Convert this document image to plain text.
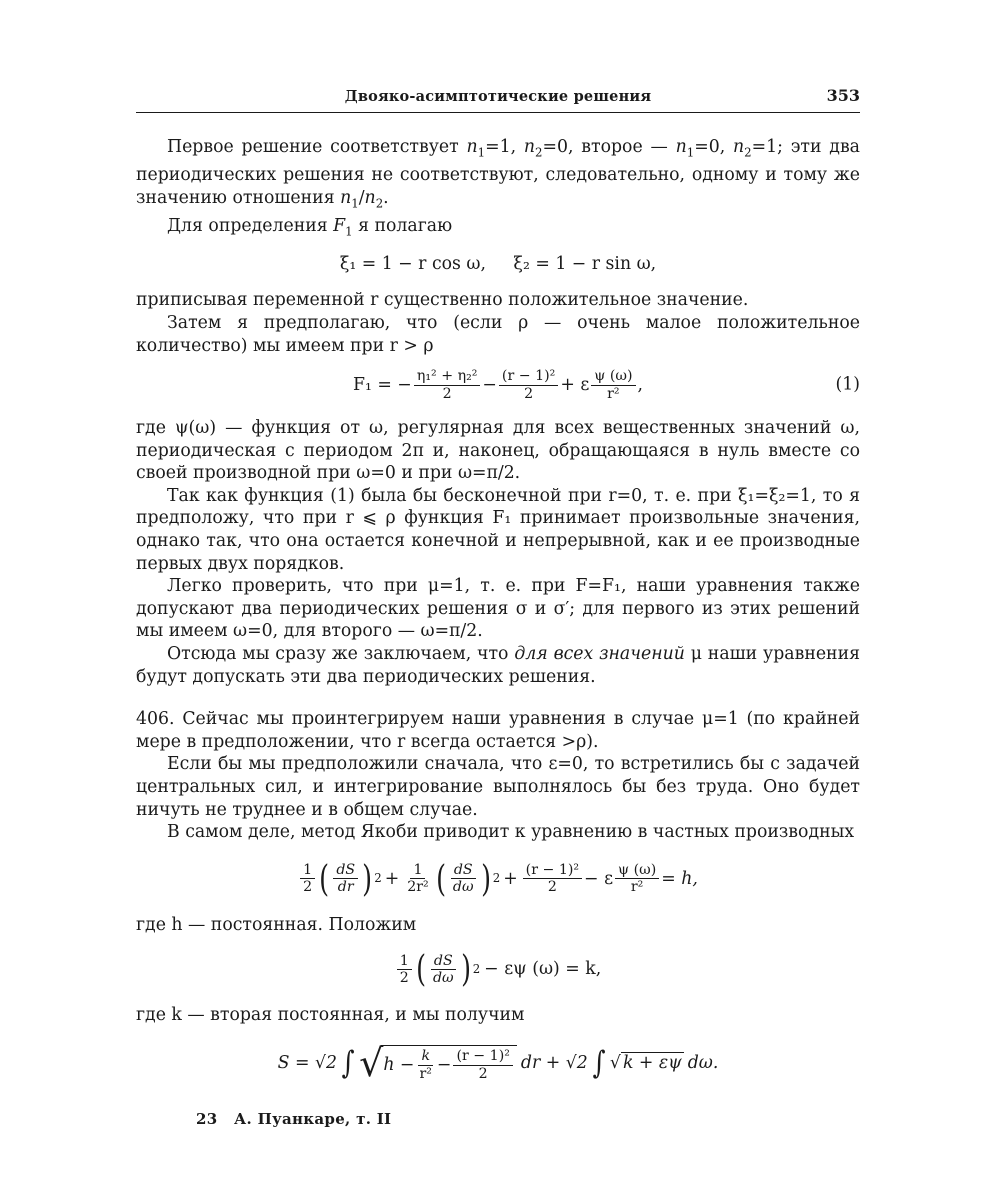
Двояко-асимптотические решения	353

Первое решение соответствует $n_1=1$, $n_2=0$, второе — $n_1=0$, $n_2=1$; эти два периодических решения не соответствуют, следовательно, одному и тому же значению отношения $n_1/n_2$.

Для определения $F_1$ я полагаю

ξ₁ = 1 − r cos ω,     ξ₂ = 1 − r sin ω,

приписывая переменной r существенно положительное значение.

Затем я предполагаю, что (если ρ — очень малое положительное количество) мы имеем при r > ρ

F₁ = − $\frac{\text{η₁² + η₂²}}{2} - \frac{\text{(r − 1)²}}{2} + \varepsilon \frac{\psi (\omega)}{\text{r²}}$ ,	(1)

где ψ(ω) — функция от ω, регулярная для всех вещественных значений ω, периодическая с периодом 2π и, наконец, обращающаяся в нуль вместе со своей производной при ω=0 и при ω=π/2.

Так как функция (1) была бы бесконечной при r=0, т. е. при ξ₁=ξ₂=1, то я предположу, что при r ⩽ ρ функция F₁ принимает произвольные значения, однако так, что она остается конечной и непрерывной, как и ее производные первых двух порядков.

Легко проверить, что при μ=1, т. е. при F=F₁, наши уравнения также допускают два периодических решения σ и σ′; для первого из этих решений мы имеем ω=0, для второго — ω=π/2.

Отсюда мы сразу же заключаем, что для всех значений μ наши уравнения будут допускать эти два периодических решения.

406. Сейчас мы проинтегрируем наши уравнения в случае μ=1 (по крайней мере в предположении, что r всегда остается >ρ).

Если бы мы предположили сначала, что ε=0, то встретились бы с задачей центральных сил, и интегрирование выполнялось бы без труда. Оно будет ничуть не труднее и в общем случае.

В самом деле, метод Якоби приводит к уравнению в частных производных

$\frac{1}{2}$ ( $\frac{dS}{dr}$ ) $2 + \frac{1}{\text{2r²}}$ ( $\frac{dS}{d\omega}$ ) $2 + \frac{\text{(r − 1)²}}{2} - \varepsilon \frac{\psi (\omega)}{\text{r²}} = h$,

где h — постоянная. Положим

$\frac{1}{2}$ ( $\frac{dS}{d\omega}$ ) 2 − εψ (ω) = k,

где k — вторая постоянная, и мы получим

S = √2 ∫ √ $h - \frac{k}{\text{r²}} - \frac{\text{(r − 1)²}}{2}$ dr + √2 ∫ √ k + εψ dω.
23   А. Пуанкаре, т. II
